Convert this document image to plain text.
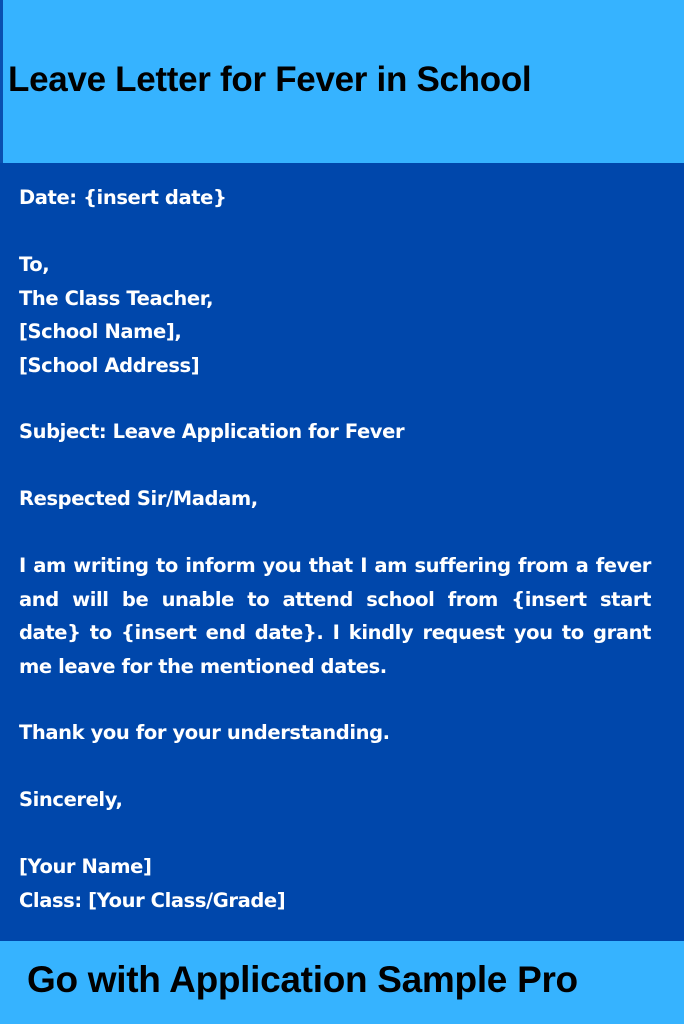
Leave Letter for Fever in School
Date: {insert date}
To,
The Class Teacher,
[School Name],
[School Address]
Subject: Leave Application for Fever
Respected Sir/Madam,
I am writing to inform you that I am suffering from a fever and will be unable to attend school from {insert start date} to {insert end date}. I kindly request you to grant me leave for the mentioned dates.
Thank you for your understanding.
Sincerely,
[Your Name]
Class: [Your Class/Grade]
Go with Application Sample Pro
